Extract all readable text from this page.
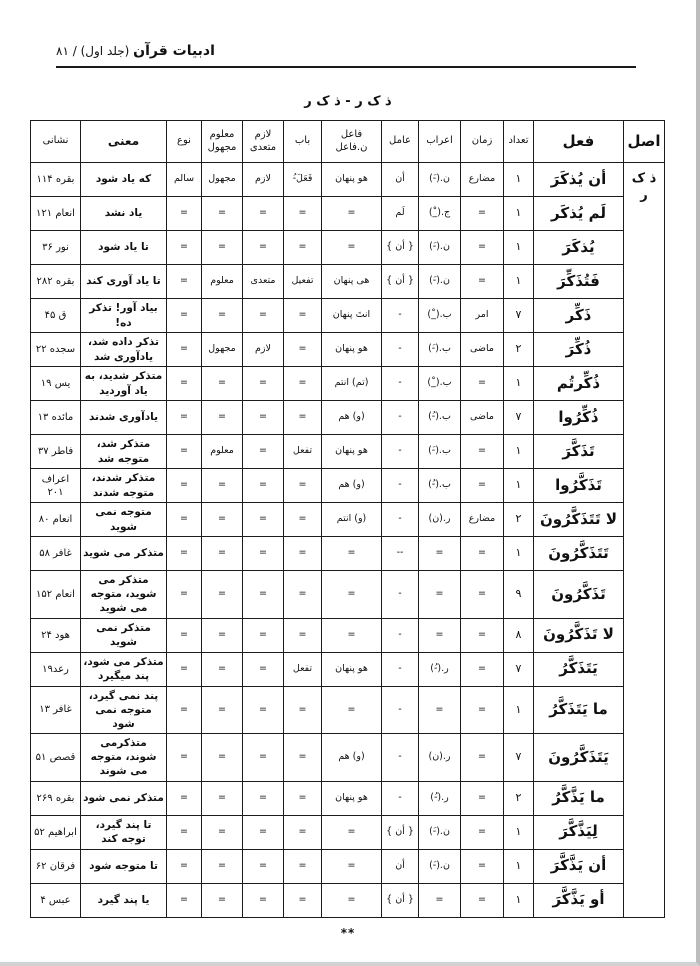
ادبیات قرآن (جلد اول) / ۸۱
ذ ک ر - ذ ک ر
اصل	فعل	تعداد	زمان	اعراب	عامل	فاعل ن.فاعل	باب	لازم متعدی	معلوم مجهول	نوع	معنی	نشانی
ذ ک ر	أن یُذکَرَ	۱	مضارع	ن.(-َ)	أن	هو پنهان	فَعَلَ-ُ	لازم	مجهول	سالم	که یاد شود	بقره ۱۱۴
	لَم یُذکَر	۱	=	ج.(_ْ)	لَم	=	=	=	=	=	یاد نشد	انعام ۱۲۱
	یُذکَرَ	۱	=	ن.(-َ)	{ أن }	=	=	=	=	=	تا یاد شود	نور ۳۶
	فَتُذَکِّرَ	۱	=	ن.(-َ)	{ أن }	هی پنهان	تفعیل	متعدی	معلوم	=	تا یاد آوری کند	بقره ۲۸۲
	ذَکِّر	۷	امر	ب.(_ْ)	-	انتَ پنهان	=	=	=	=	بیاد آور! تذکر ده!	ق ۴۵
	ذُکِّرَ	۲	ماضی	ب.(-َ)	-	هو پنهان	=	لازم	مجهول	=	تذکر داده شد، یادآوری شد	سجده ۲۲
	ذُکِّرتُم	۱	=	ب.(_ْ)	-	(تم) انتم	=	=	=	=	متذکر شدید، به یاد آوردید	یس ۱۹
	ذُکِّرُوا	۷	ماضی	ب.(-ُ)	-	(و) هم	=	=	=	=	یادآوری شدند	مائده ۱۳
	تَذَکَّرَ	۱	=	ب.(-َ)	-	هو پنهان	تفعل	=	معلوم	=	متذکر شد، متوجه شد	فاطر ۳۷
	تَذَکَّرُوا	۱	=	ب.(-ُ)	-	(و) هم	=	=	=	=	متذکر شدند، متوجه شدند	اعراف ۲۰۱
	لا تَتَذَکَّرُونَ	۲	مضارع	ر.(ن)	-	(و) انتم	=	=	=	=	متوجه نمی شوید	انعام ۸۰
	تَتَذَکَّرُونَ	۱	=	=	--	=	=	=	=	=	متذکر می شوید	غافر ۵۸
	تَذَکَّرُونَ	۹	=	=	-	=	=	=	=	=	متذکر می شوید، متوجه می شوید	انعام ۱۵۲
	لا تَذَکَّرُونَ	۸	=	=	-	=	=	=	=	=	متذکر نمی شوید	هود ۲۴
	یَتَذَکَّرُ	۷	=	ر.(-ُ)	-	هو پنهان	تفعل	=	=	=	متذکر می شود، پند میگیرد	رعد۱۹
	ما یَتَذَکَّرُ	۱	=	=	-	=	=	=	=	=	پند نمی گیرد، متوجه نمی شود	غافر ۱۳
	یَتَذَکَّرُونَ	۷	=	ر.(ن)	-	(و) هم	=	=	=	=	متذکرمی شوند، متوجه می شوند	قصص ۵۱
	ما یَذَّکَّرُ	۲	=	ر.(-ُ)	-	هو پنهان	=	=	=	=	متذکر نمی شود	بقره ۲۶۹
	لِیَذَّکَّرَ	۱	=	ن.(-َ)	{ أن }	=	=	=	=	=	تا پند گیرد، توجه کند	ابراهیم ۵۲
	أن یَذَّکَّرَ	۱	=	ن.(-َ)	أن	=	=	=	=	=	تا متوجه شود	فرقان ۶۲
	أو یَذَّکَّرَ	۱	=	=	{ أن }	=	=	=	=	=	یا پند گیرد	عبس ۴
**
